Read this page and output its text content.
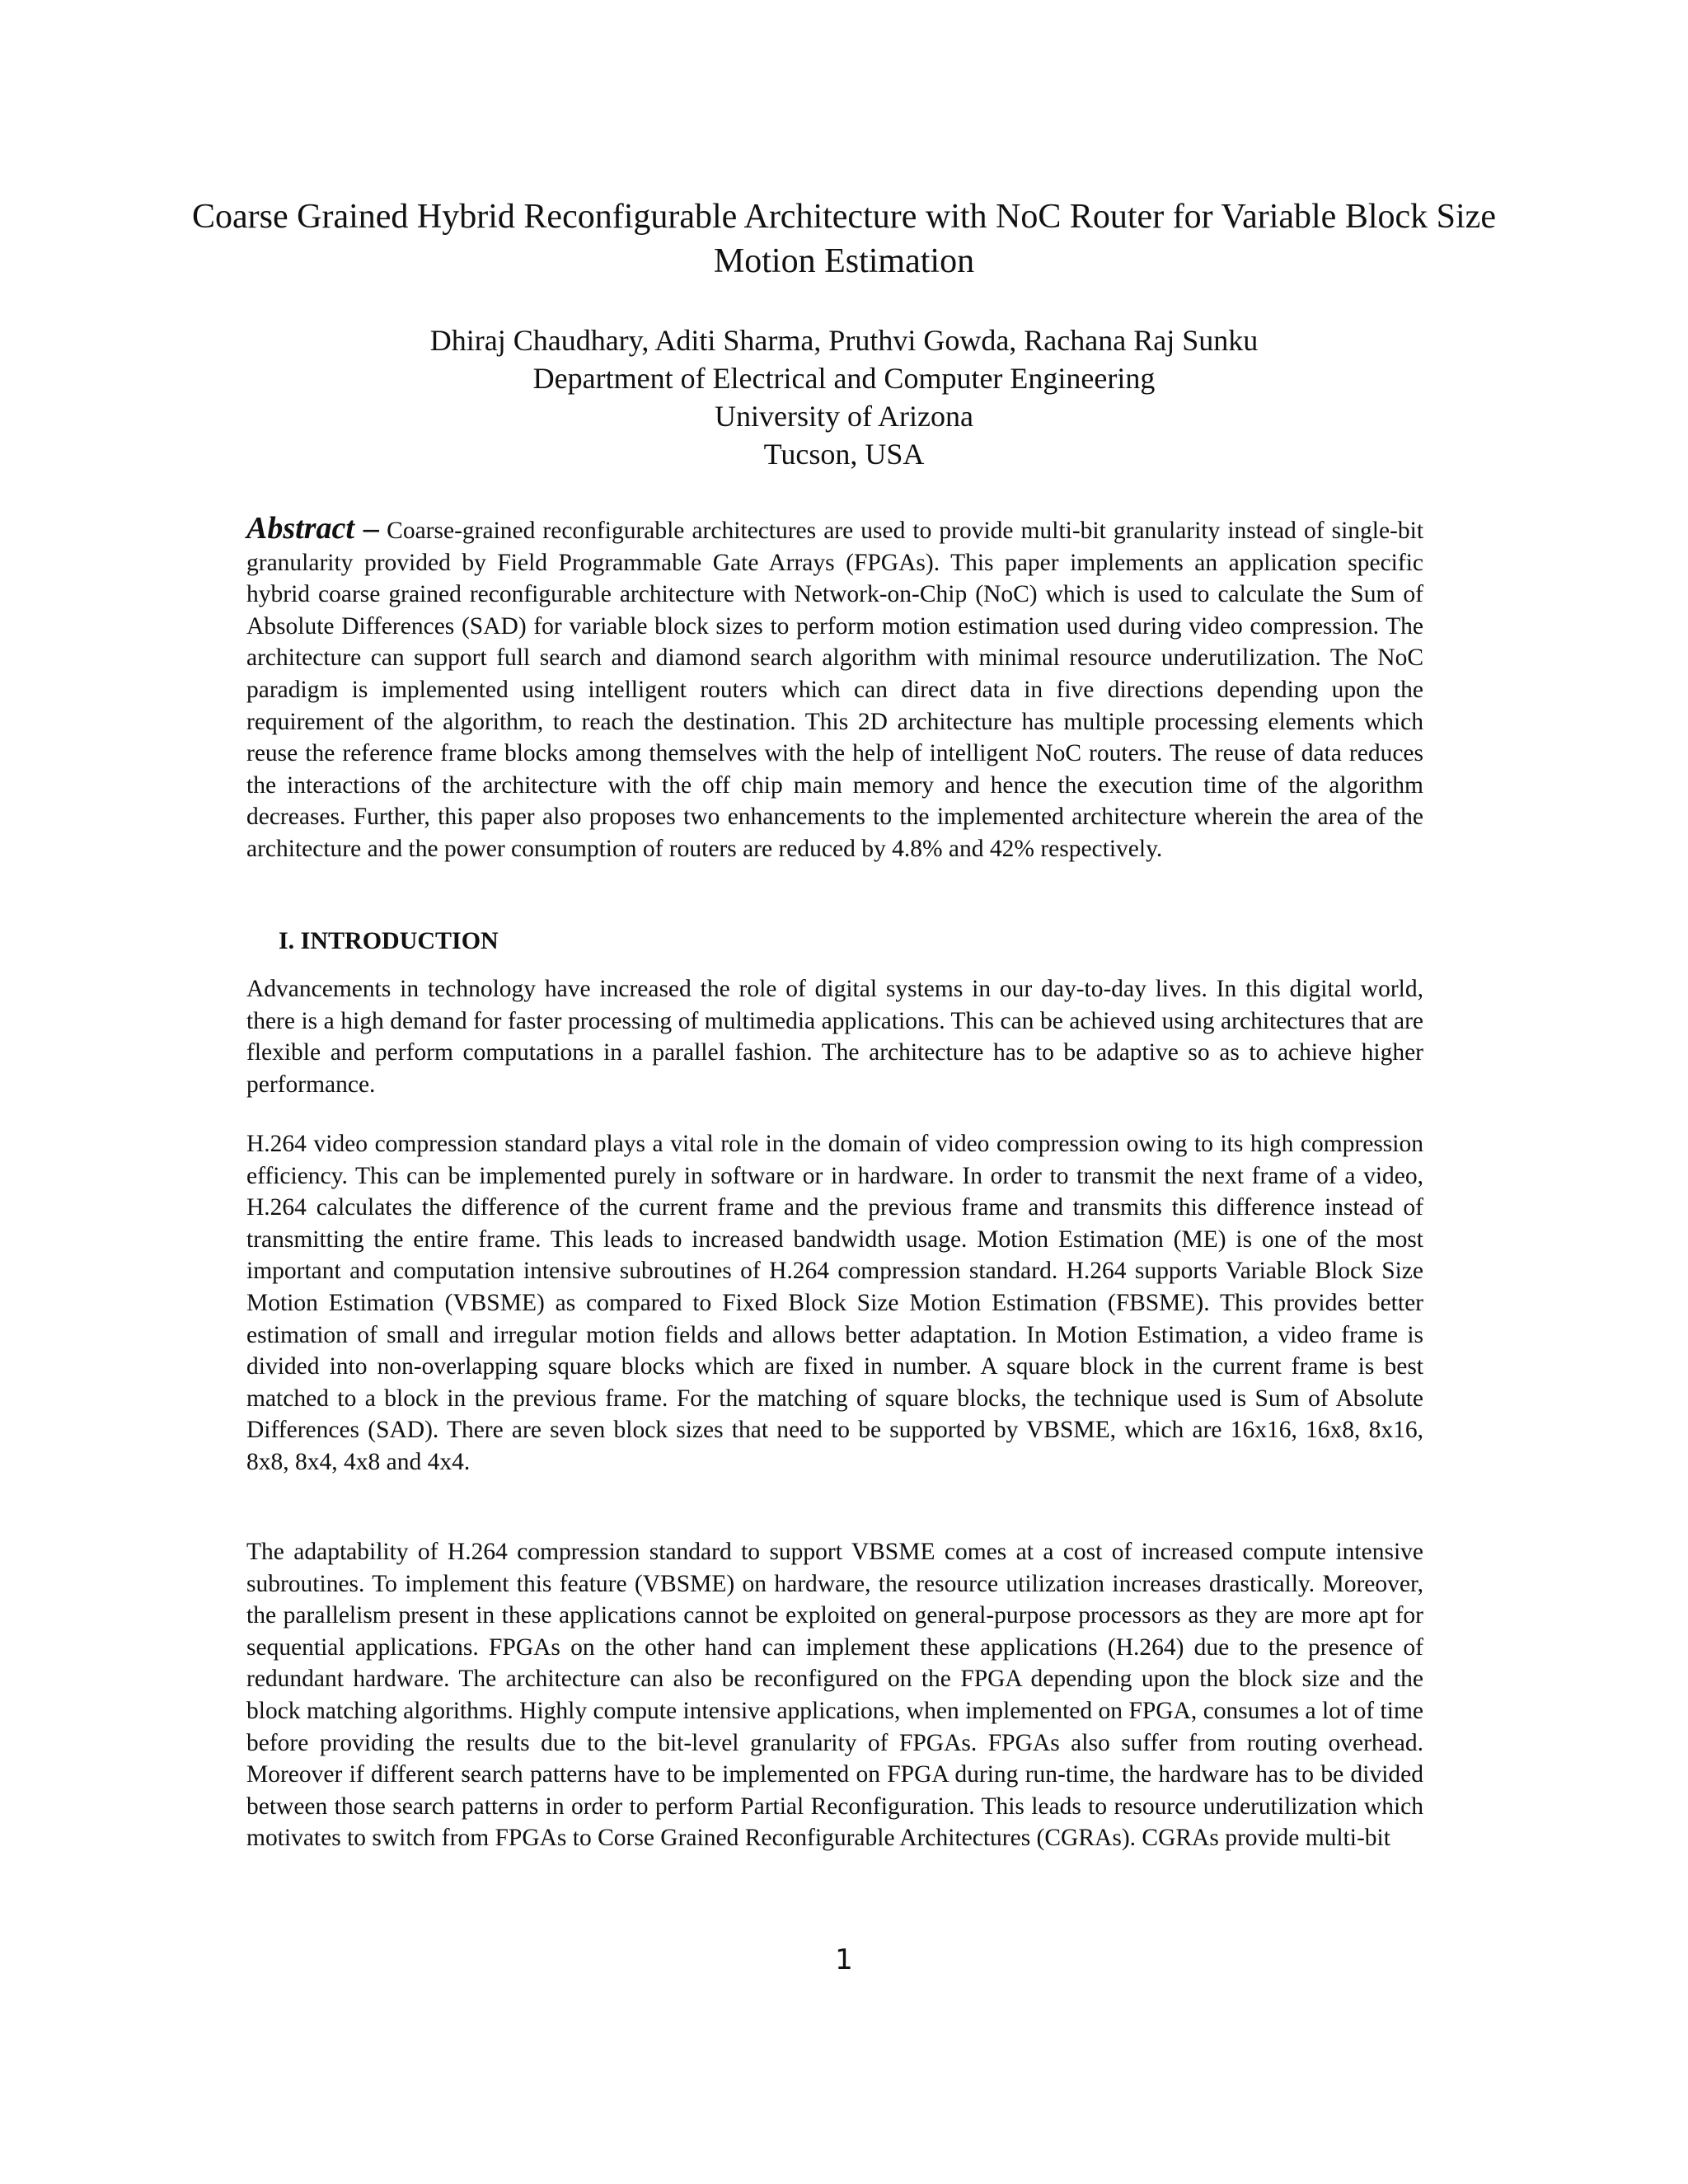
Coarse Grained Hybrid Reconfigurable Architecture with NoC Router for Variable Block Size Motion Estimation
Dhiraj Chaudhary, Aditi Sharma, Pruthvi Gowda, Rachana Raj Sunku
Department of Electrical and Computer Engineering
University of Arizona
Tucson, USA

Abstract – Coarse-grained reconfigurable architectures are used to provide multi-bit granularity instead of single-bit granularity provided by Field Programmable Gate Arrays (FPGAs). This paper implements an application specific hybrid coarse grained reconfigurable architecture with Network-on-Chip (NoC) which is used to calculate the Sum of Absolute Differences (SAD) for variable block sizes to perform motion estimation used during video compression. The architecture can support full search and diamond search algorithm with minimal resource underutilization. The NoC paradigm is implemented using intelligent routers which can direct data in five directions depending upon the requirement of the algorithm, to reach the destination. This 2D architecture has multiple processing elements which reuse the reference frame blocks among themselves with the help of intelligent NoC routers. The reuse of data reduces the interactions of the architecture with the off chip main memory and hence the execution time of the algorithm decreases. Further, this paper also proposes two enhancements to the implemented architecture wherein the area of the architecture and the power consumption of routers are reduced by 4.8% and 42% respectively.

I. INTRODUCTION

Advancements in technology have increased the role of digital systems in our day-to-day lives. In this digital world, there is a high demand for faster processing of multimedia applications. This can be achieved using architectures that are flexible and perform computations in a parallel fashion. The architecture has to be adaptive so as to achieve higher performance.

H.264 video compression standard plays a vital role in the domain of video compression owing to its high compression efficiency. This can be implemented purely in software or in hardware. In order to transmit the next frame of a video, H.264 calculates the difference of the current frame and the previous frame and transmits this difference instead of transmitting the entire frame. This leads to increased bandwidth usage. Motion Estimation (ME) is one of the most important and computation intensive subroutines of H.264 compression standard. H.264 supports Variable Block Size Motion Estimation (VBSME) as compared to Fixed Block Size Motion Estimation (FBSME). This provides better estimation of small and irregular motion fields and allows better adaptation. In Motion Estimation, a video frame is divided into non-overlapping square blocks which are fixed in number. A square block in the current frame is best matched to a block in the previous frame. For the matching of square blocks, the technique used is Sum of Absolute Differences (SAD). There are seven block sizes that need to be supported by VBSME, which are 16x16, 16x8, 8x16, 8x8, 8x4, 4x8 and 4x4.

The adaptability of H.264 compression standard to support VBSME comes at a cost of increased compute intensive subroutines. To implement this feature (VBSME) on hardware, the resource utilization increases drastically. Moreover, the parallelism present in these applications cannot be exploited on general-purpose processors as they are more apt for sequential applications. FPGAs on the other hand can implement these applications (H.264) due to the presence of redundant hardware. The architecture can also be reconfigured on the FPGA depending upon the block size and the block matching algorithms. Highly compute intensive applications, when implemented on FPGA, consumes a lot of time before providing the results due to the bit-level granularity of FPGAs. FPGAs also suffer from routing overhead. Moreover if different search patterns have to be implemented on FPGA during run-time, the hardware has to be divided between those search patterns in order to perform Partial Reconfiguration. This leads to resource underutilization which motivates to switch from FPGAs to Corse Grained Reconfigurable Architectures (CGRAs). CGRAs provide multi-bit

1
